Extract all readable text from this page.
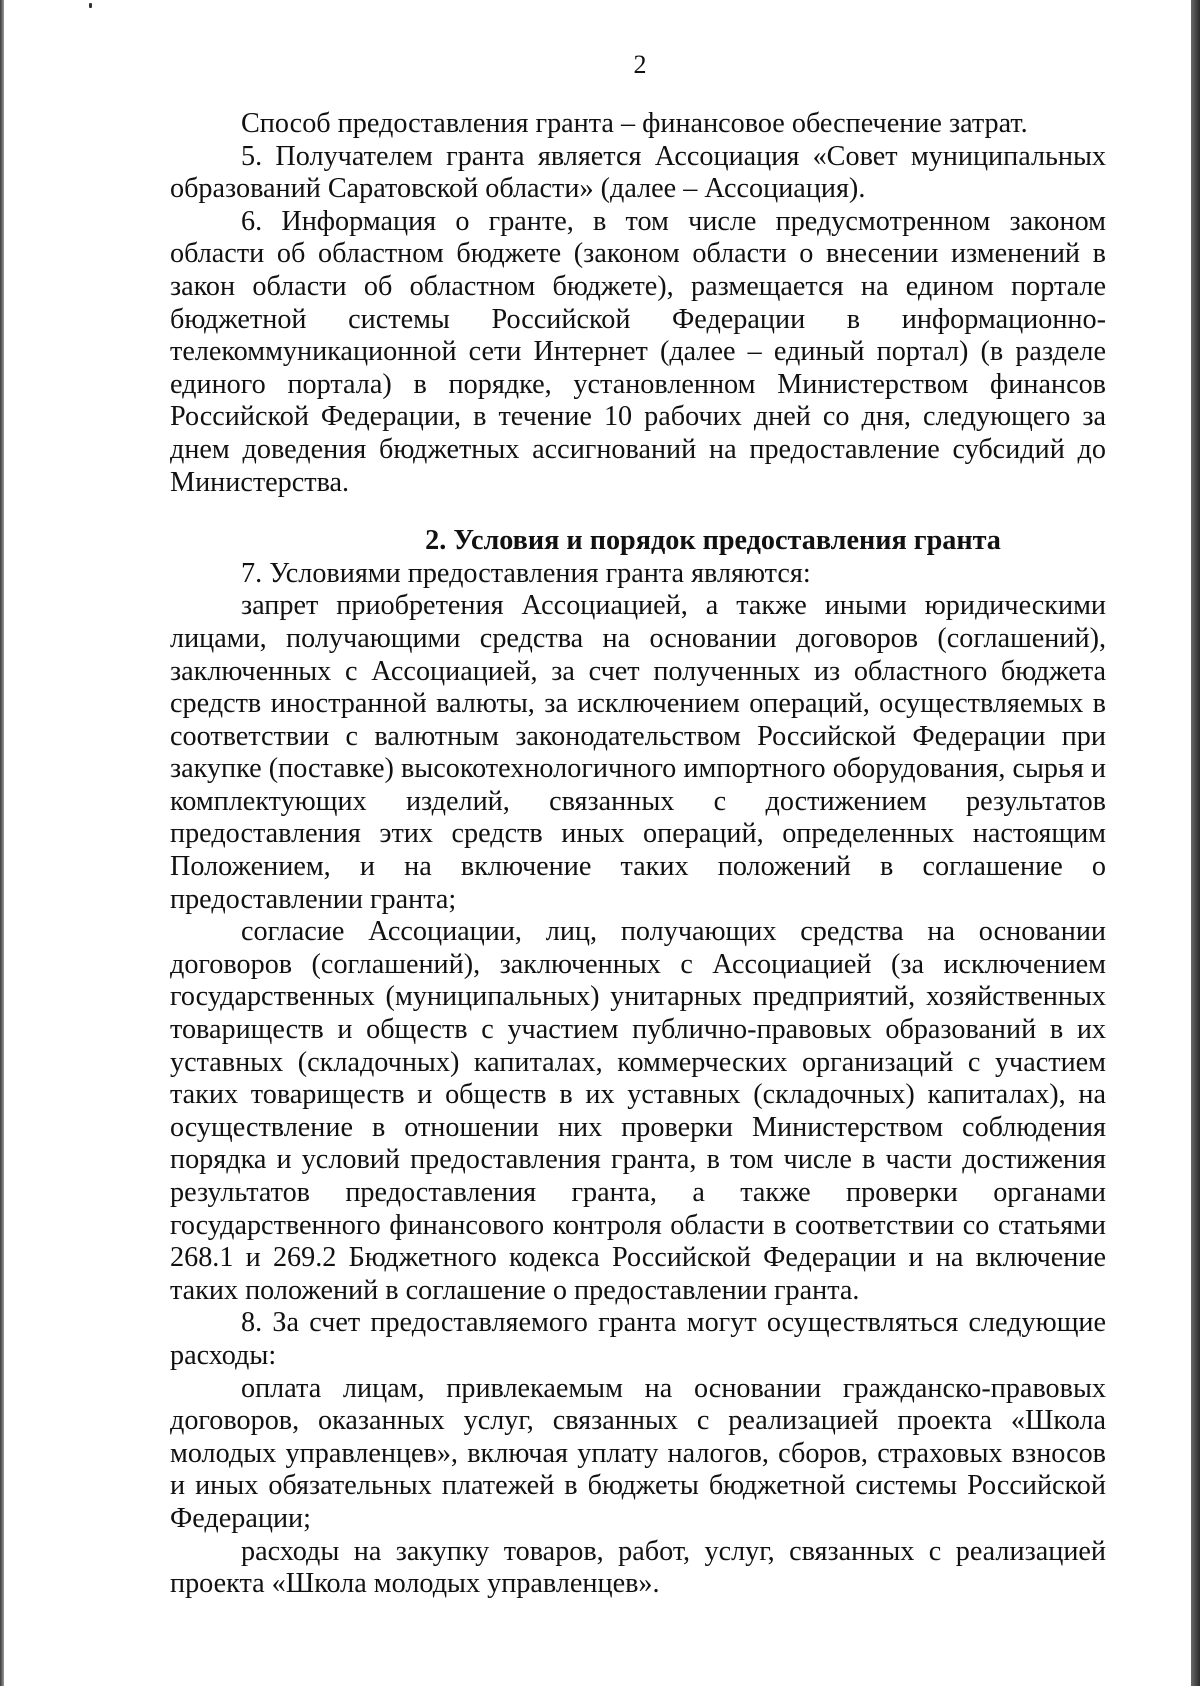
2

Способ предоставления гранта – финансовое обеспечение затрат.

5. Получателем гранта является Ассоциация «Совет муниципальных образований Саратовской области» (далее – Ассоциация).

6. Информация о гранте, в том числе предусмотренном законом области об областном бюджете (законом области о внесении изменений в закон области об областном бюджете), размещается на едином портале бюджетной системы Российской Федерации в информационно-телекоммуникационной сети Интернет (далее – единый портал) (в разделе единого портала) в порядке, установленном Министерством финансов Российской Федерации, в течение 10 рабочих дней со дня, следующего за днем доведения бюджетных ассигнований на предоставление субсидий до Министерства.

2. Условия и порядок предоставления гранта

7. Условиями предоставления гранта являются:

запрет приобретения Ассоциацией, а также иными юридическими лицами, получающими средства на основании договоров (соглашений), заключенных с Ассоциацией, за счет полученных из областного бюджета средств иностранной валюты, за исключением операций, осуществляемых в соответствии с валютным законодательством Российской Федерации при закупке (поставке) высокотехнологичного импортного оборудования, сырья и комплектующих изделий, связанных с достижением результатов предоставления этих средств иных операций, определенных настоящим Положением, и на включение таких положений в соглашение о предоставлении гранта;

согласие Ассоциации, лиц, получающих средства на основании договоров (соглашений), заключенных с Ассоциацией (за исключением государственных (муниципальных) унитарных предприятий, хозяйственных товариществ и обществ с участием публично-правовых образований в их уставных (складочных) капиталах, коммерческих организаций с участием таких товариществ и обществ в их уставных (складочных) капиталах), на осуществление в отношении них проверки Министерством соблюдения порядка и условий предоставления гранта, в том числе в части достижения результатов предоставления гранта, а также проверки органами государственного финансового контроля области в соответствии со статьями 268.1 и 269.2 Бюджетного кодекса Российской Федерации и на включение таких положений в соглашение о предоставлении гранта.

8. За счет предоставляемого гранта могут осуществляться следующие расходы:

оплата лицам, привлекаемым на основании гражданско-правовых договоров, оказанных услуг, связанных с реализацией проекта «Школа молодых управленцев», включая уплату налогов, сборов, страховых взносов и иных обязательных платежей в бюджеты бюджетной системы Российской Федерации;

расходы на закупку товаров, работ, услуг, связанных с реализацией проекта «Школа молодых управленцев».
